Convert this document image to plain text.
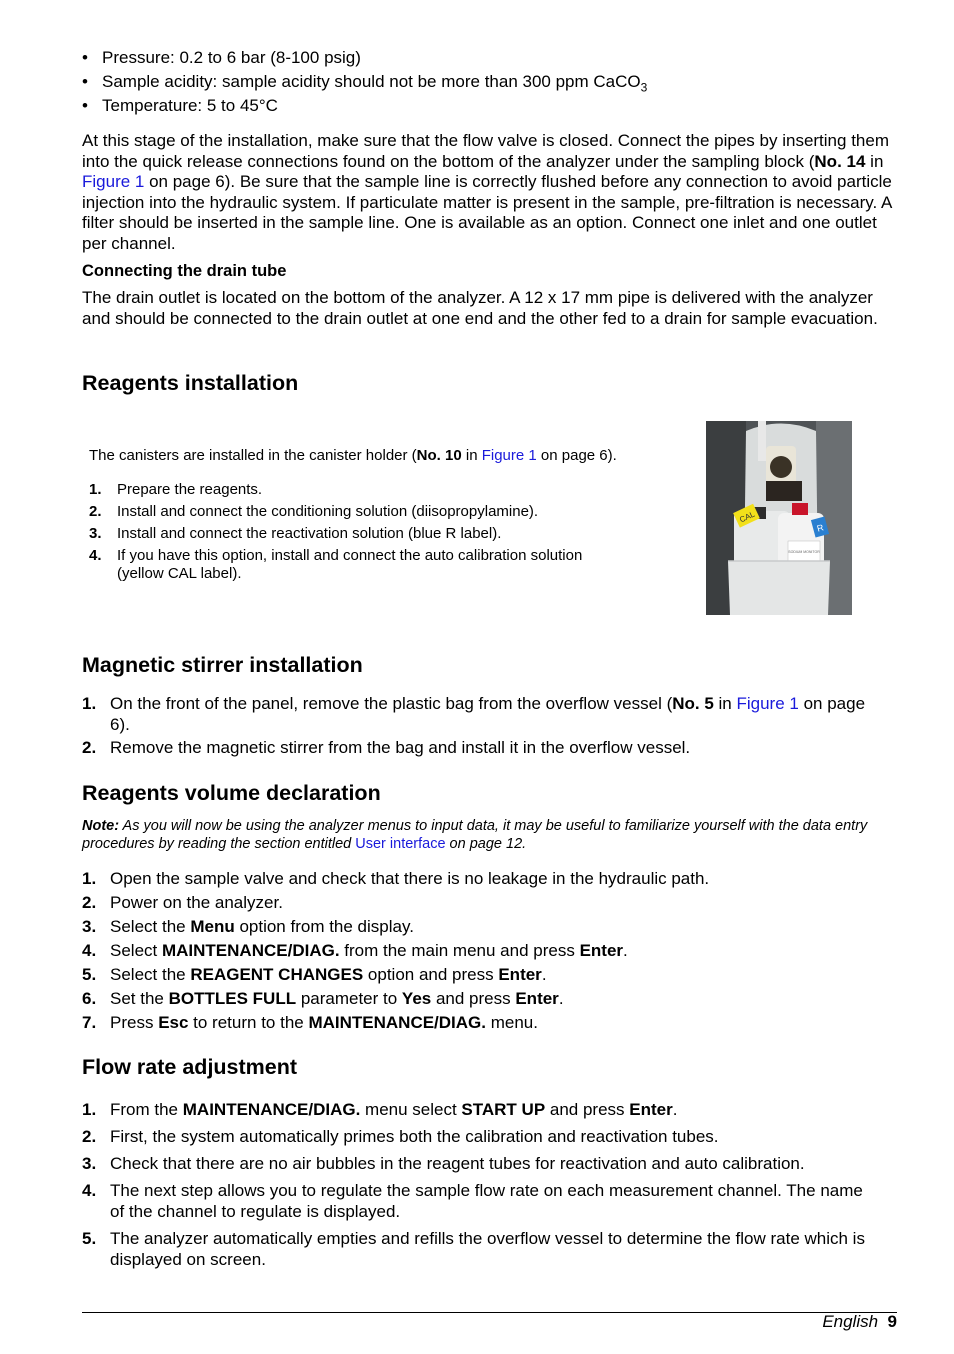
• Pressure: 0.2 to 6 bar (8-100 psig)
• Sample acidity: sample acidity should not be more than 300 ppm CaCO$_3$
• Temperature: 5 to 45°C
At this stage of the installation, make sure that the flow valve is closed. Connect the pipes by inserting them into the quick release connections found on the bottom of the analyzer under the sampling block (No. 14 in Figure 1 on page 6). Be sure that the sample line is correctly flushed before any connection to avoid particle injection into the hydraulic system. If particulate matter is present in the sample, pre-filtration is necessary. A filter should be inserted in the sample line. One is available as an option. Connect one inlet and one outlet per channel.
Connecting the drain tube
The drain outlet is located on the bottom of the analyzer. A 12 x 17 mm pipe is delivered with the analyzer and should be connected to the drain outlet at one end and the other fed to a drain for sample evacuation.
Reagents installation
The canisters are installed in the canister holder (No. 10 in Figure 1 on page 6).
1. Prepare the reagents.
2. Install and connect the conditioning solution (diisopropylamine).
3. Install and connect the reactivation solution (blue R label).
4. If you have this option, install and connect the auto calibration solution (yellow CAL label).
CAL
R
SODIUM MONITOR
Magnetic stirrer installation
1. On the front of the panel, remove the plastic bag from the overflow vessel (No. 5 in Figure 1 on page 6).
2. Remove the magnetic stirrer from the bag and install it in the overflow vessel.
Reagents volume declaration
Note: As you will now be using the analyzer menus to input data, it may be useful to familiarize yourself with the data entry procedures by reading the section entitled User interface on page 12.
1. Open the sample valve and check that there is no leakage in the hydraulic path.
2. Power on the analyzer.
3. Select the Menu option from the display.
4. Select MAINTENANCE/DIAG. from the main menu and press Enter.
5. Select the REAGENT CHANGES option and press Enter.
6. Set the BOTTLES FULL parameter to Yes and press Enter.
7. Press Esc to return to the MAINTENANCE/DIAG. menu.
Flow rate adjustment
1. From the MAINTENANCE/DIAG. menu select START UP and press Enter.
2. First, the system automatically primes both the calibration and reactivation tubes.
3. Check that there are no air bubbles in the reagent tubes for reactivation and auto calibration.
4. The next step allows you to regulate the sample flow rate on each measurement channel. The name of the channel to regulate is displayed.
5. The analyzer automatically empties and refills the overflow vessel to determine the flow rate which is displayed on screen.
English 9
